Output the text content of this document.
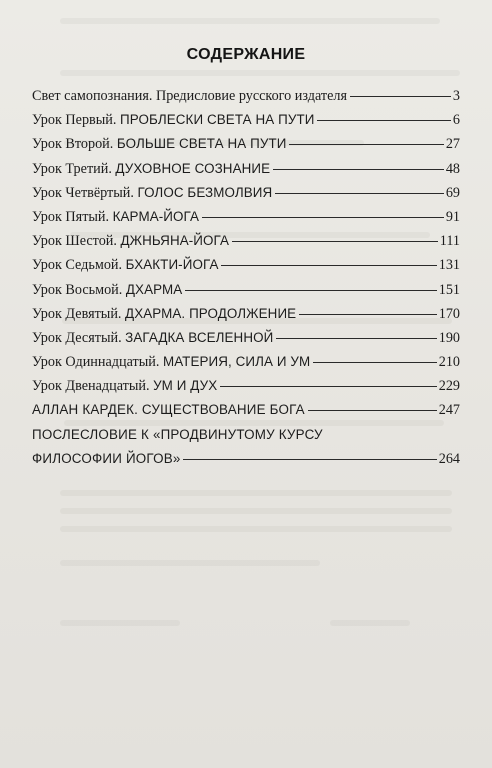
СОДЕРЖАНИЕ
Свет самопознания. Предисловие русского издателя	3
Урок Первый. ПРОБЛЕСКИ СВЕТА НА ПУТИ	6
Урок Второй. БОЛЬШЕ СВЕТА НА ПУТИ	27
Урок Третий. ДУХОВНОЕ СОЗНАНИЕ	48
Урок Четвёртый. ГОЛОС БЕЗМОЛВИЯ	69
Урок Пятый. КАРМА-ЙОГА	91
Урок Шестой. ДЖНЬЯНА-ЙОГА	111
Урок Седьмой. БХАКТИ-ЙОГА	131
Урок Восьмой. ДХАРМА	151
Урок Девятый. ДХАРМА. ПРОДОЛЖЕНИЕ	170
Урок Десятый. ЗАГАДКА ВСЕЛЕННОЙ	190
Урок Одиннадцатый. МАТЕРИЯ, СИЛА И УМ	210
Урок Двенадцатый. УМ И ДУХ	229
АЛЛАН КАРДЕК. СУЩЕСТВОВАНИЕ БОГА	247
ПОСЛЕСЛОВИЕ К «ПРОДВИНУТОМУ КУРСУ
ФИЛОСОФИИ ЙОГОВ»	264
